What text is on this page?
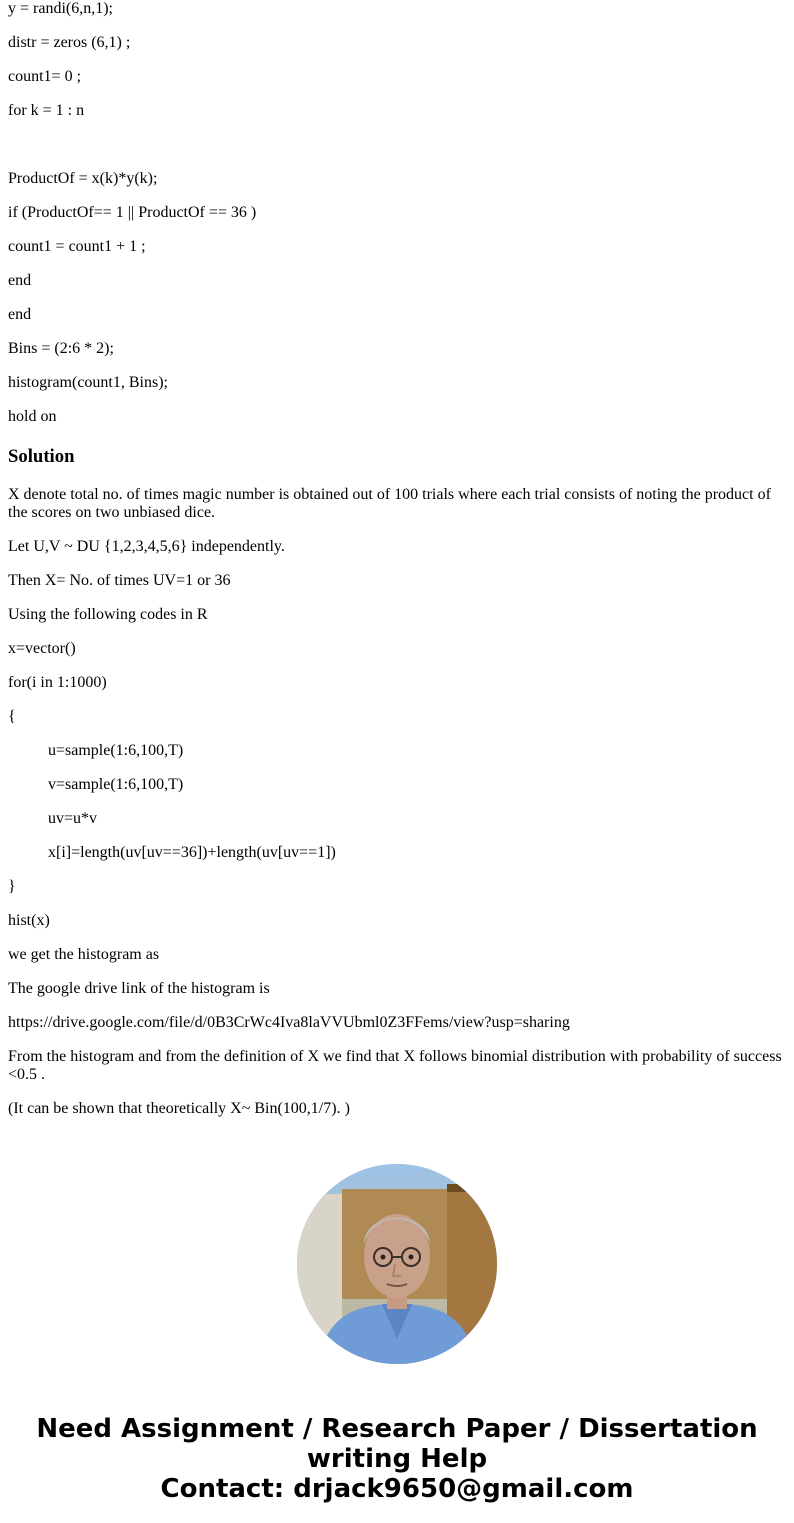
y = randi(6,n,1);

distr = zeros (6,1) ;

count1= 0 ;

for k = 1 : n

ProductOf = x(k)*y(k);

if (ProductOf== 1 || ProductOf == 36 )

count1 = count1 + 1 ;

end

end

Bins = (2:6 * 2);

histogram(count1, Bins);

hold on

Solution

X denote total no. of times magic number is obtained out of 100 trials where each trial consists of noting the product of the scores on two unbiased dice.

Let U,V ~ DU {1,2,3,4,5,6} independently.

Then X= No. of times UV=1 or 36

Using the following codes in R

x=vector()

for(i in 1:1000)

{

u=sample(1:6,100,T)

v=sample(1:6,100,T)

uv=u*v

x[i]=length(uv[uv==36])+length(uv[uv==1])

}

hist(x)

we get the histogram as

The google drive link of the histogram is

https://drive.google.com/file/d/0B3CrWc4Iva8laVVUbml0Z3FFems/view?usp=sharing

From the histogram and from the definition of X we find that X follows binomial distribution with probability of success <0.5 .

(It can be shown that theoretically X~ Bin(100,1/7). )

Need Assignment / Research Paper / Dissertation
writing Help
Contact: drjack9650@gmail.com
